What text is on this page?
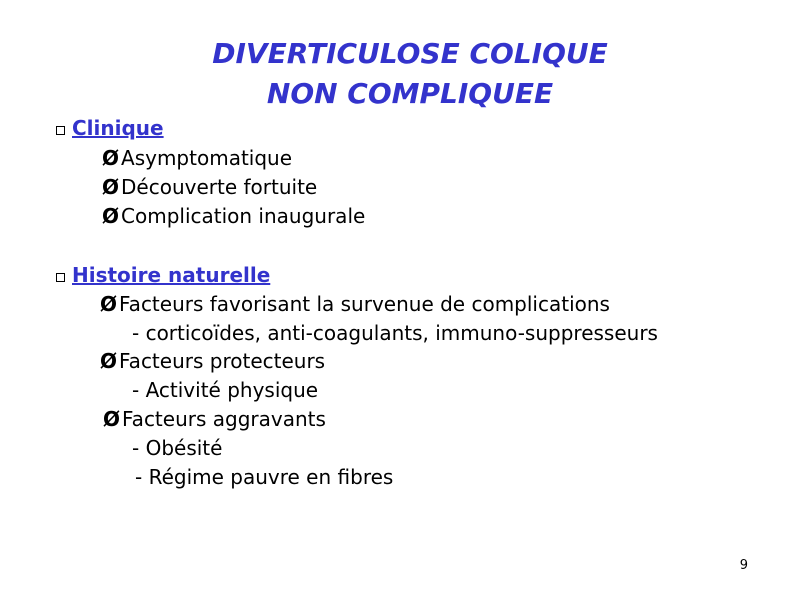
DIVERTICULOSE COLIQUE
NON COMPLIQUEE
Clinique
Ø Asymptomatique
Ø Découverte fortuite
Ø Complication inaugurale
Histoire naturelle
Ø Facteurs favorisant la survenue de complications
- corticoïdes, anti-coagulants, immuno-suppresseurs
Ø Facteurs protecteurs
- Activité physique
Ø Facteurs aggravants
- Obésité
- Régime pauvre en fibres
9
